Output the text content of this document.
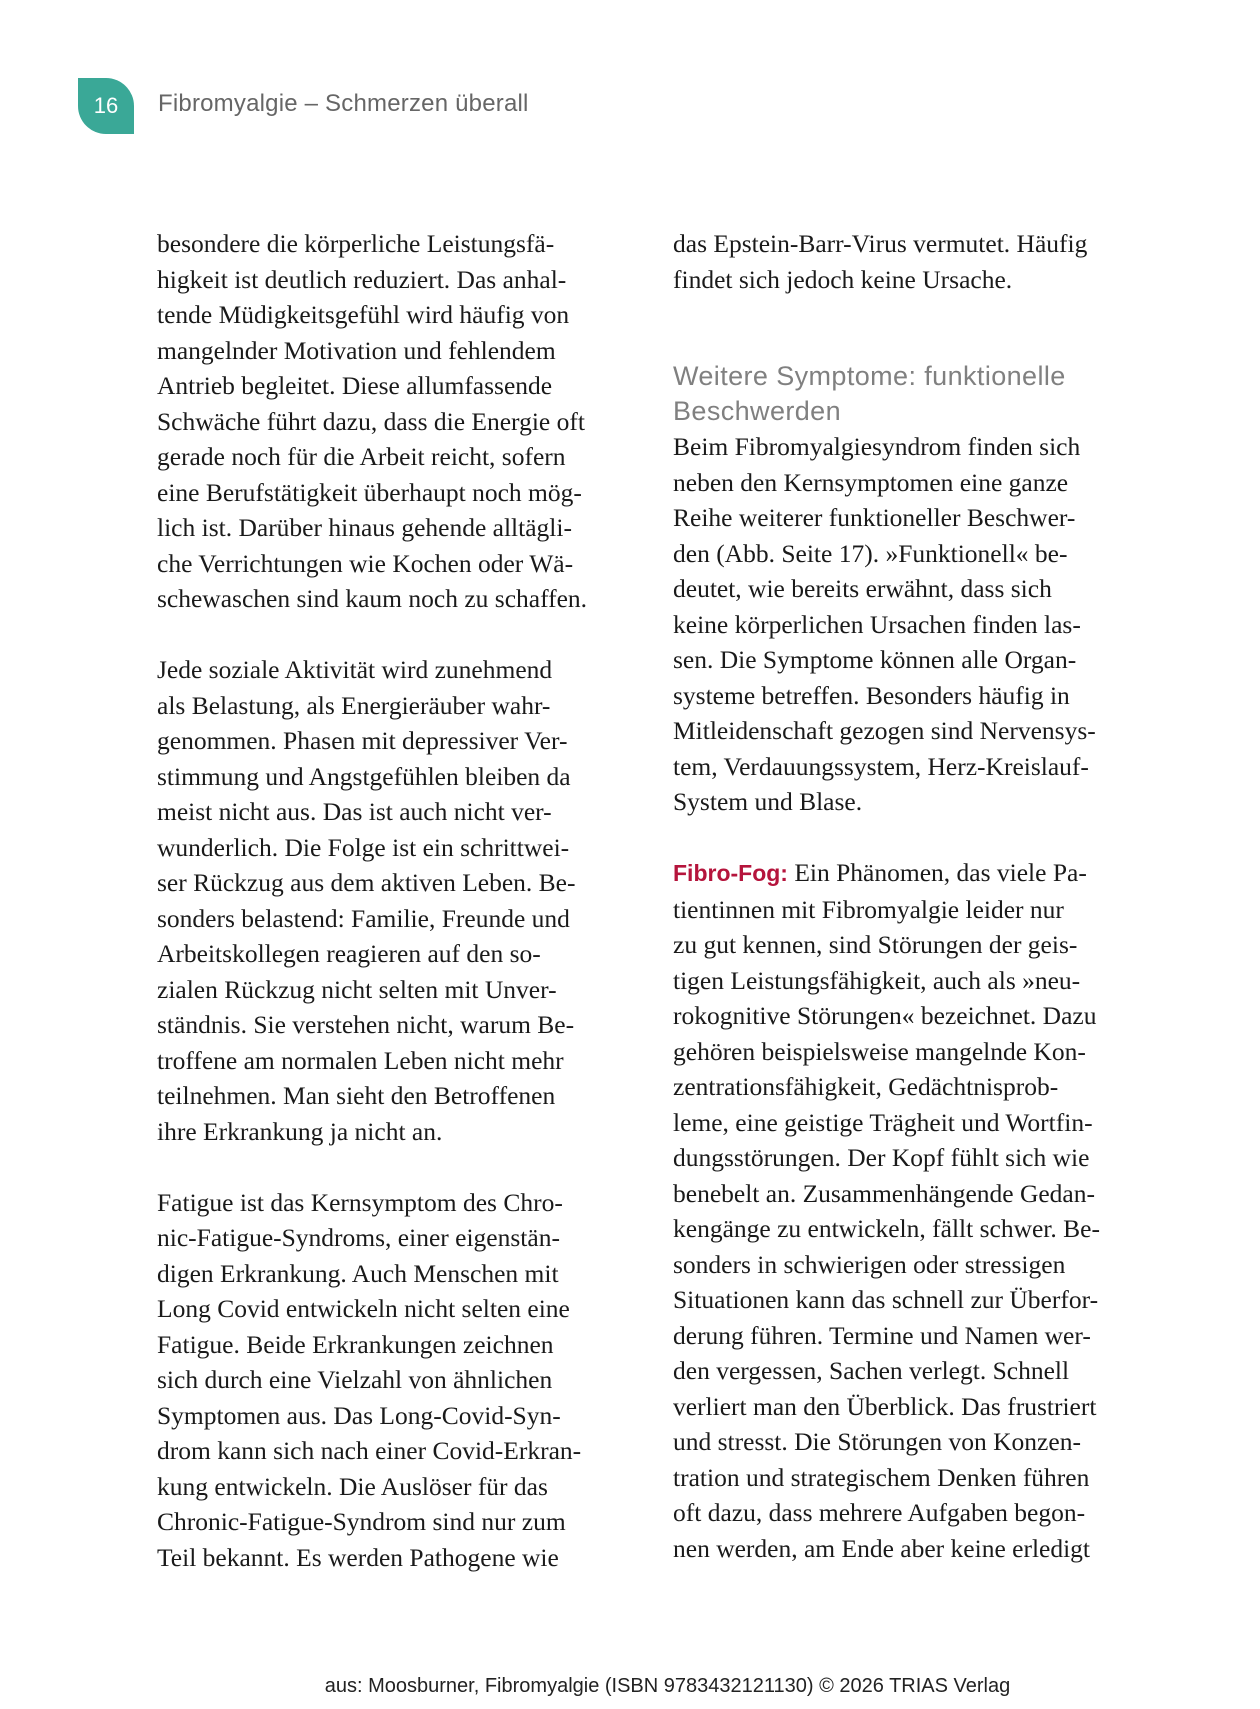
16 Fibromyalgie – Schmerzen überall
besondere die körperliche Leistungsfä-
higkeit ist deutlich reduziert. Das anhal-
tende Müdigkeitsgefühl wird häufig von
mangelnder Motivation und fehlendem
Antrieb begleitet. Diese allumfassende
Schwäche führt dazu, dass die Energie oft
gerade noch für die Arbeit reicht, sofern
eine Berufstätigkeit überhaupt noch mög-
lich ist. Darüber hinaus gehende alltägli-
che Verrichtungen wie Kochen oder Wä-
schewaschen sind kaum noch zu schaffen.
Jede soziale Aktivität wird zunehmend
als Belastung, als Energieräuber wahr-
genommen. Phasen mit depressiver Ver-
stimmung und Angstgefühlen bleiben da
meist nicht aus. Das ist auch nicht ver-
wunderlich. Die Folge ist ein schrittwei-
ser Rückzug aus dem aktiven Leben. Be-
sonders belastend: Familie, Freunde und
Arbeitskollegen reagieren auf den so-
zialen Rückzug nicht selten mit Unver-
ständnis. Sie verstehen nicht, warum Be-
troffene am normalen Leben nicht mehr
teilnehmen. Man sieht den Betroffenen
ihre Erkrankung ja nicht an.
Fatigue ist das Kernsymptom des Chro-
nic-Fatigue-Syndroms, einer eigenstän-
digen Erkrankung. Auch Menschen mit
Long Covid entwickeln nicht selten eine
Fatigue. Beide Erkrankungen zeichnen
sich durch eine Vielzahl von ähnlichen
Symptomen aus. Das Long-Covid-Syn-
drom kann sich nach einer Covid-Erkran-
kung entwickeln. Die Auslöser für das
Chronic-Fatigue-Syndrom sind nur zum
Teil bekannt. Es werden Pathogene wie
das Epstein-Barr-Virus vermutet. Häufig
findet sich jedoch keine Ursache.
Weitere Symptome: funktionelle
Beschwerden
Beim Fibromyalgiesyndrom finden sich
neben den Kernsymptomen eine ganze
Reihe weiterer funktioneller Beschwer-
den (Abb. Seite 17). »Funktionell« be-
deutet, wie bereits erwähnt, dass sich
keine körperlichen Ursachen finden las-
sen. Die Symptome können alle Organ-
systeme betreffen. Besonders häufig in
Mitleidenschaft gezogen sind Nervensys-
tem, Verdauungssystem, Herz-Kreislauf-
System und Blase.
Fibro-Fog: Ein Phänomen, das viele Pa-
tientinnen mit Fibromyalgie leider nur
zu gut kennen, sind Störungen der geis-
tigen Leistungsfähigkeit, auch als »neu-
rokognitive Störungen« bezeichnet. Dazu
gehören beispielsweise mangelnde Kon-
zentrationsfähigkeit, Gedächtnisprob-
leme, eine geistige Trägheit und Wortfin-
dungsstörungen. Der Kopf fühlt sich wie
benebelt an. Zusammenhängende Gedan-
kengänge zu entwickeln, fällt schwer. Be-
sonders in schwierigen oder stressigen
Situationen kann das schnell zur Überfor-
derung führen. Termine und Namen wer-
den vergessen, Sachen verlegt. Schnell
verliert man den Überblick. Das frustriert
und stresst. Die Störungen von Konzen-
tration und strategischem Denken führen
oft dazu, dass mehrere Aufgaben begon-
nen werden, am Ende aber keine erledigt
aus: Moosburner, Fibromyalgie (ISBN 9783432121130) © 2026 TRIAS Verlag
